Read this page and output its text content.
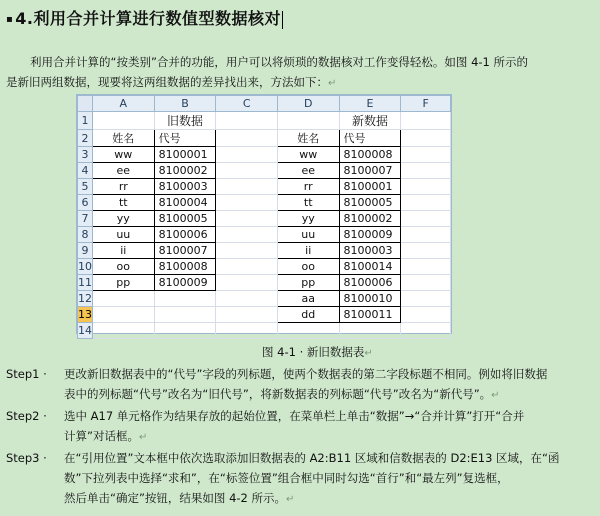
▪ 4.利用合并计算进行数值型数据核对
利用合并计算的“按类别”合并的功能，用户可以将烦琐的数据核对工作变得轻松。如图 4-1 所示的
是新旧两组数据，现要将这两组数据的差异找出来，方法如下：↵
	A	B	C	D	E	F
1		旧数据			新数据	
2	姓名	代号		姓名	代号	
3	ww	8100001		ww	8100008	
4	ee	8100002		ee	8100007	
5	rr	8100003		rr	8100001	
6	tt	8100004		tt	8100005	
7	yy	8100005		yy	8100002	
8	uu	8100006		uu	8100009	
9	ii	8100007		ii	8100003	
10	oo	8100008		oo	8100014	
11	pp	8100009		pp	8100006	
12				aa	8100010	
13				dd	8100011	
14						
图 4-1 · 新旧数据表↵
Step1 ·	更改新旧数据表中的“代号”字段的列标题，使两个数据表的第二字段标题不相同。例如将旧数据
表中的列标题“代号”改名为“旧代号”，将新数据表的列标题“代号”改名为“新代号”。↵
Step2 ·	选中 A17 单元格作为结果存放的起始位置，在菜单栏上单击“数据”→“合并计算”打开“合并
计算”对话框。↵
Step3 ·	在“引用位置”文本框中依次选取添加旧数据表的 A2:B11 区域和信数据表的 D2:E13 区域，在“函
数”下拉列表中选择“求和”，在“标签位置”组合框中同时勾选“首行”和“最左列”复选框，
然后单击“确定”按钮，结果如图 4-2 所示。↵
